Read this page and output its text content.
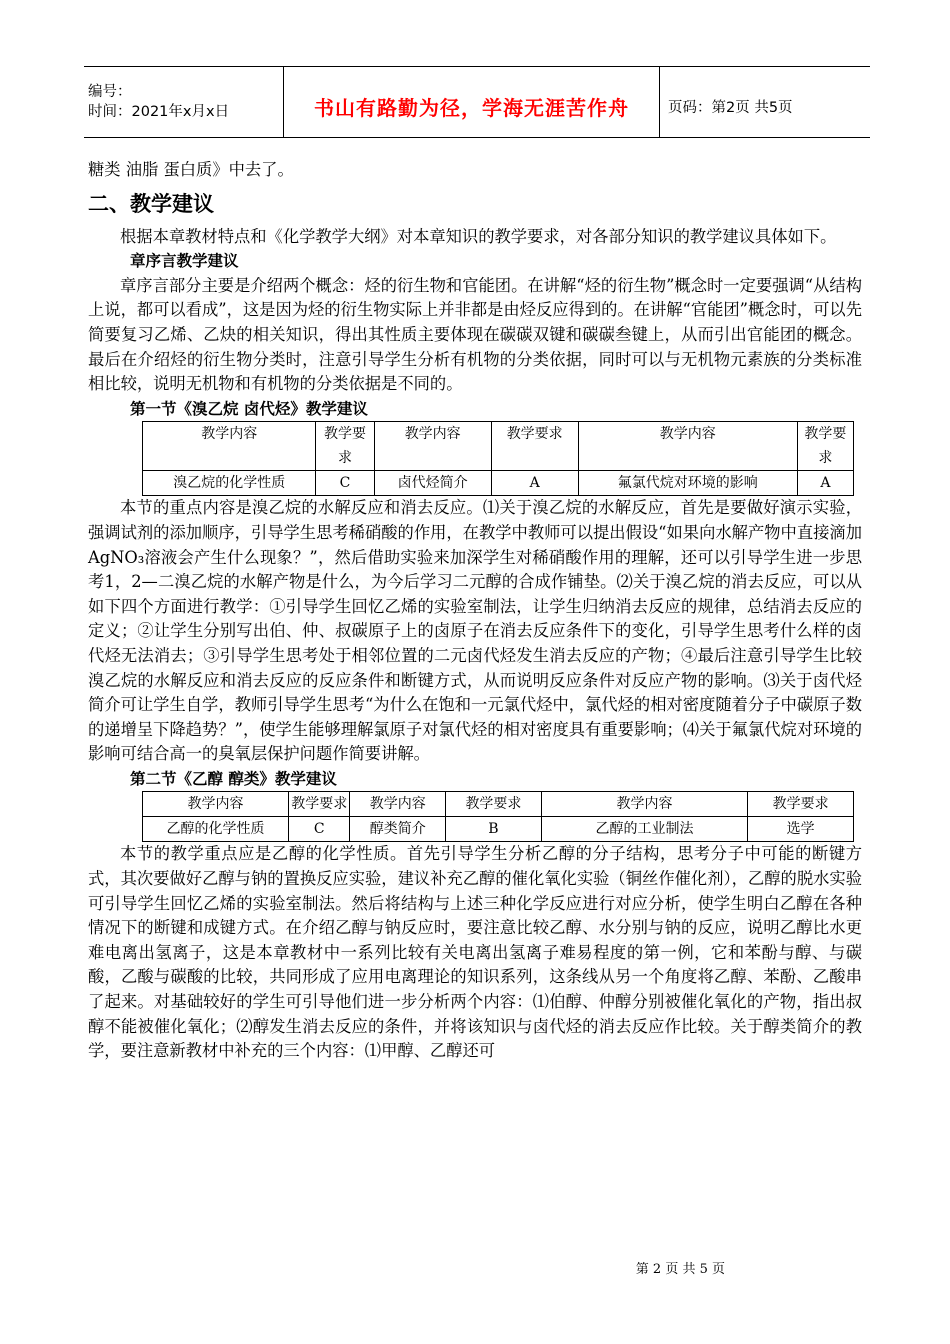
编号：
时间：2021年x月x日	书山有路勤为径，学海无涯苦作舟	页码：第2页 共5页

糖类 油脂 蛋白质》中去了。

二、教学建议

根据本章教材特点和《化学教学大纲》对本章知识的教学要求，对各部分知识的教学建议具体如下。

章序言教学建议

章序言部分主要是介绍两个概念：烃的衍生物和官能团。在讲解“烃的衍生物”概念时一定要强调“从结构上说，都可以看成”，这是因为烃的衍生物实际上并非都是由烃反应得到的。在讲解“官能团”概念时，可以先简要复习乙烯、乙炔的相关知识，得出其性质主要体现在碳碳双键和碳碳叁键上，从而引出官能团的概念。最后在介绍烃的衍生物分类时，注意引导学生分析有机物的分类依据，同时可以与无机物元素族的分类标准相比较，说明无机物和有机物的分类依据是不同的。

第一节《溴乙烷 卤代烃》教学建议
教学内容	教学要求	教学内容	教学要求	教学内容	教学要求
溴乙烷的化学性质	C	卤代烃简介	A	氟氯代烷对环境的影响	A

本节的重点内容是溴乙烷的水解反应和消去反应。⑴关于溴乙烷的水解反应，首先是要做好演示实验，强调试剂的添加顺序，引导学生思考稀硝酸的作用，在教学中教师可以提出假设“如果向水解产物中直接滴加AgNO₃溶液会产生什么现象？”，然后借助实验来加深学生对稀硝酸作用的理解，还可以引导学生进一步思考1，2—二溴乙烷的水解产物是什么，为今后学习二元醇的合成作铺垫。⑵关于溴乙烷的消去反应，可以从如下四个方面进行教学：①引导学生回忆乙烯的实验室制法，让学生归纳消去反应的规律，总结消去反应的定义；②让学生分别写出伯、仲、叔碳原子上的卤原子在消去反应条件下的变化，引导学生思考什么样的卤代烃无法消去；③引导学生思考处于相邻位置的二元卤代烃发生消去反应的产物；④最后注意引导学生比较溴乙烷的水解反应和消去反应的反应条件和断键方式，从而说明反应条件对反应产物的影响。⑶关于卤代烃简介可让学生自学，教师引导学生思考“为什么在饱和一元氯代烃中，氯代烃的相对密度随着分子中碳原子数的递增呈下降趋势？”，使学生能够理解氯原子对氯代烃的相对密度具有重要影响；⑷关于氟氯代烷对环境的影响可结合高一的臭氧层保护问题作简要讲解。

第二节《乙醇 醇类》教学建议
教学内容	教学要求	教学内容	教学要求	教学内容	教学要求
乙醇的化学性质	C	醇类简介	B	乙醇的工业制法	选学

本节的教学重点应是乙醇的化学性质。首先引导学生分析乙醇的分子结构，思考分子中可能的断键方式，其次要做好乙醇与钠的置换反应实验，建议补充乙醇的催化氧化实验（铜丝作催化剂），乙醇的脱水实验可引导学生回忆乙烯的实验室制法。然后将结构与上述三种化学反应进行对应分析，使学生明白乙醇在各种情况下的断键和成键方式。在介绍乙醇与钠反应时，要注意比较乙醇、水分别与钠的反应，说明乙醇比水更难电离出氢离子，这是本章教材中一系列比较有关电离出氢离子难易程度的第一例，它和苯酚与醇、与碳酸，乙酸与碳酸的比较，共同形成了应用电离理论的知识系列，这条线从另一个角度将乙醇、苯酚、乙酸串了起来。对基础较好的学生可引导他们进一步分析两个内容：⑴伯醇、仲醇分别被催化氧化的产物，指出叔醇不能被催化氧化；⑵醇发生消去反应的条件，并将该知识与卤代烃的消去反应作比较。关于醇类简介的教学，要注意新教材中补充的三个内容：⑴甲醇、乙醇还可

第 2 页 共 5 页
